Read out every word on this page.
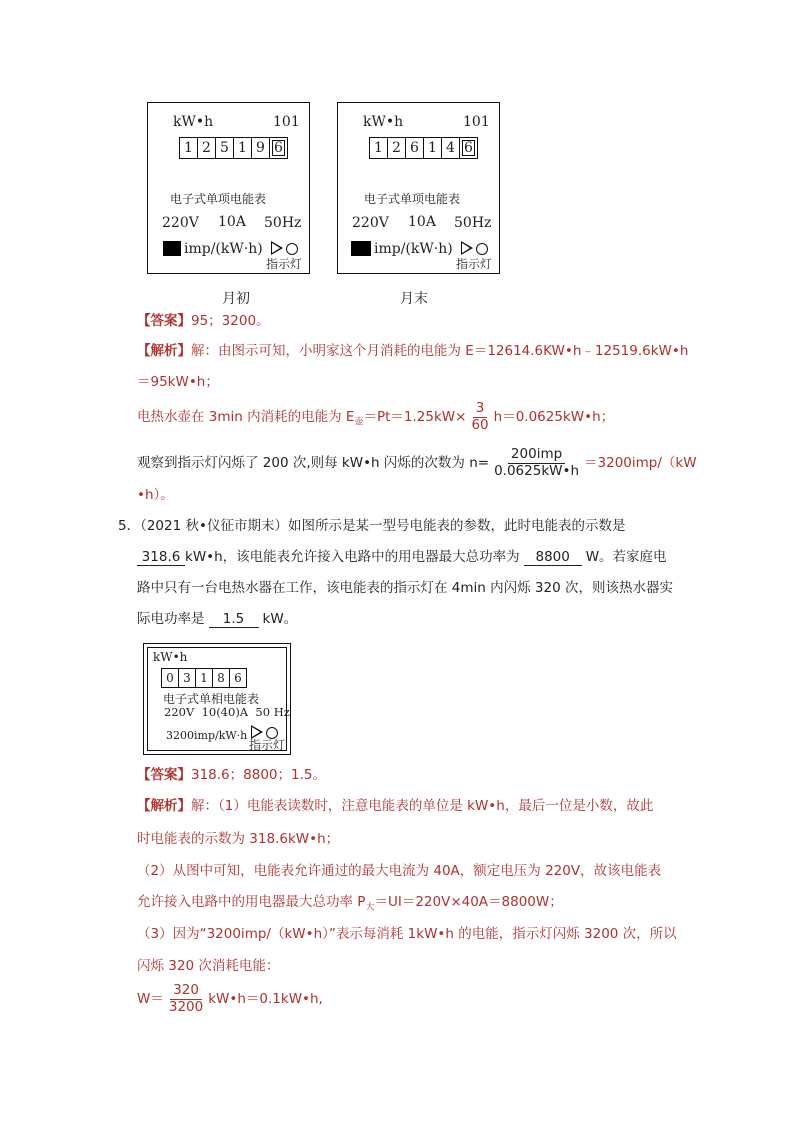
kW•h	101
1 2 5 1 9 6
电子式单项电能表
220V 10A 50Hz
imp/(kW·h)
指示灯
月初
kW•h	101
1 2 6 1 4 6
电子式单项电能表
220V 10A 50Hz
imp/(kW·h)
指示灯
月末
【答案】95；3200。
【解析】解：由图示可知，小明家这个月消耗的电能为 E＝12614.6KW•h﹣12519.6kW•h
＝95kW•h；
电热水壶在 3min 内消耗的电能为 $E_壶=Pt=1.25kW\times \frac{3}{60}$ h＝0.0625kW•h；
观察到指示灯闪烁了 200 次,则每 kW•h 闪烁的次数为 $n= \frac{\text{200imp}}{0.0625kW•h} =3200imp/(kW$
•h）。
5．（2021 秋•仪征市期末）如图所示是某一型号电能表的参数，此时电能表的示数是
318.6 kW•h，该电能表允许接入电路中的用电器最大总功率为 8800 W。若家庭电
路中只有一台电热水器在工作，该电能表的指示灯在 4min 内闪烁 320 次，则该热水器实
际电功率是 1.5 kW。
kW•h
0 3 1 8 6
电子式单相电能表
220V  10(40)A  50 Hz
3200imp/kW·h
指示灯
【答案】318.6；8800；1.5。
【解析】解：（1）电能表读数时，注意电能表的单位是 kW•h，最后一位是小数，故此
时电能表的示数为 318.6kW•h；
（2）从图中可知，电能表允许通过的最大电流为 40A，额定电压为 220V，故该电能表
允许接入电路中的用电器最大总功率 $P_大=UI=220V\times 40A=8800W$；
（3）因为“3200imp/（kW•h）”表示每消耗 1kW•h 的电能，指示灯闪烁 3200 次，所以
闪烁 320 次消耗电能：
$W= \frac{320}{3200}$ kW•h＝0.1kW•h,
